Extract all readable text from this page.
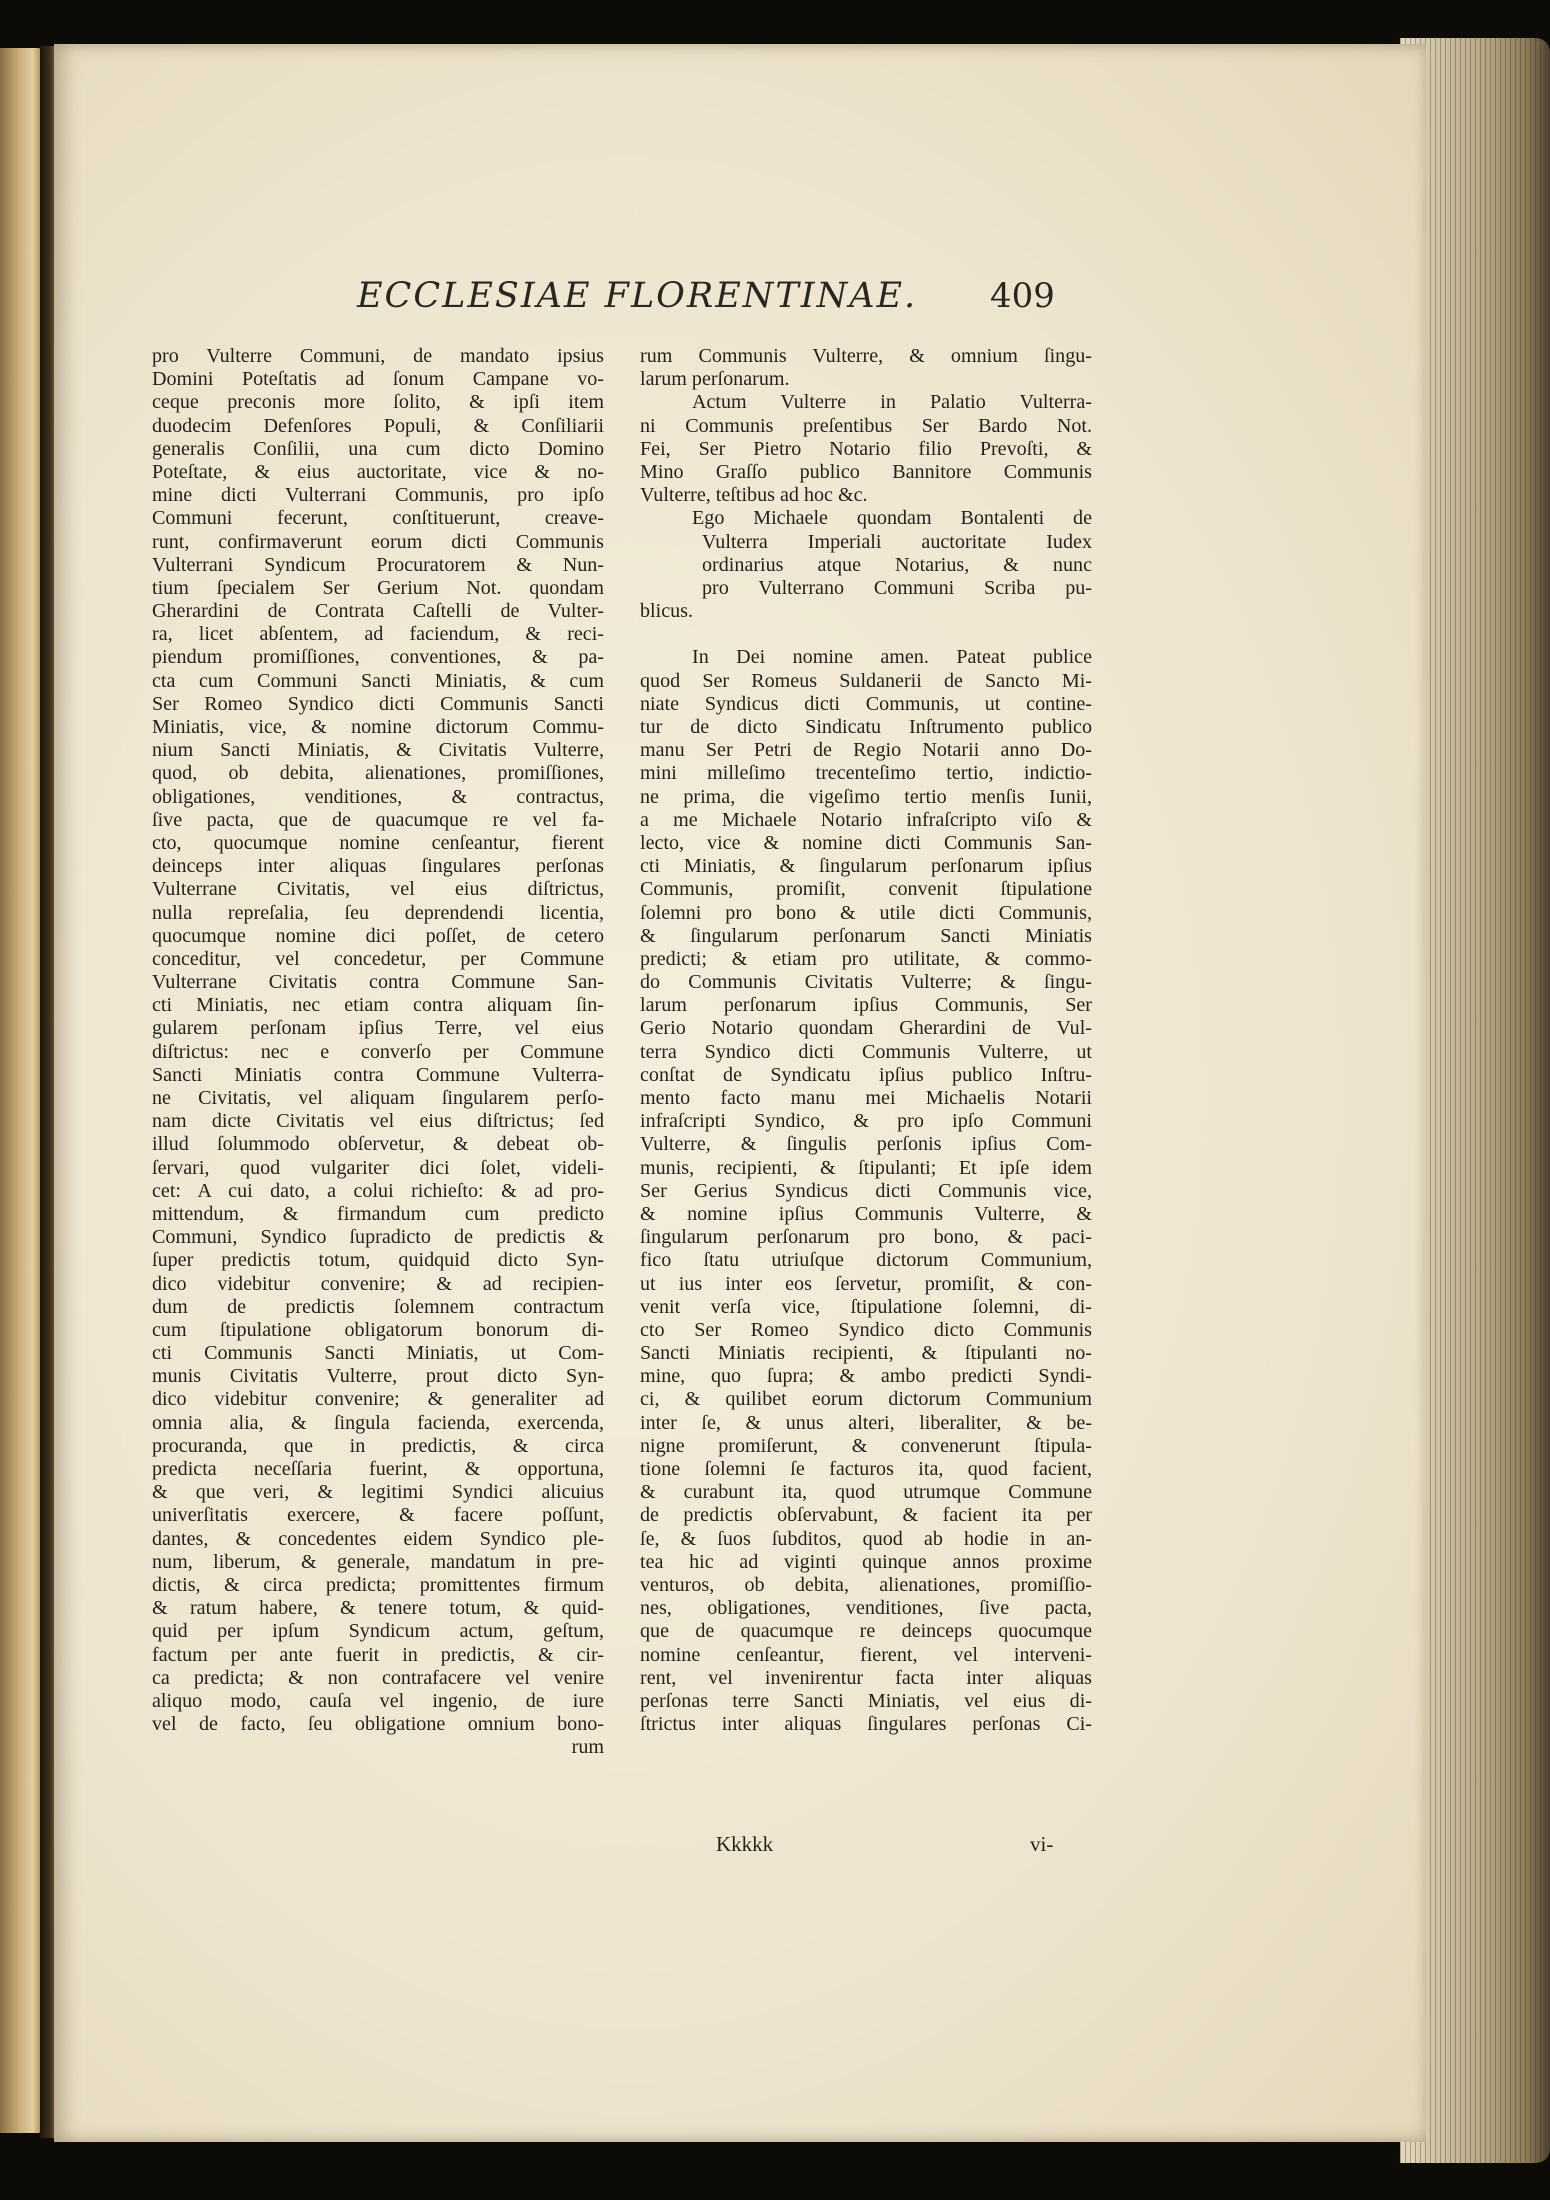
ECCLESIAE FLORENTINAE.	409
pro Vulterre Communi, de mandato ipsius
Domini Poteſtatis ad ſonum Campane vo-
ceque preconis more ſolito, & ipſi item
duodecim Defenſores Populi, & Conſiliarii
generalis Conſilii, una cum dicto Domino
Poteſtate, & eius auctoritate, vice & no-
mine dicti Vulterrani Communis, pro ipſo
Communi fecerunt, conſtituerunt, creave-
runt, confirmaverunt eorum dicti Communis
Vulterrani Syndicum Procuratorem & Nun-
tium ſpecialem Ser Gerium Not. quondam
Gherardini de Contrata Caſtelli de Vulter-
ra, licet abſentem, ad faciendum, & reci-
piendum promiſſiones, conventiones, & pa-
cta cum Communi Sancti Miniatis, & cum
Ser Romeo Syndico dicti Communis Sancti
Miniatis, vice, & nomine dictorum Commu-
nium Sancti Miniatis, & Civitatis Vulterre,
quod, ob debita, alienationes, promiſſiones,
obligationes, venditiones, & contractus,
ſive pacta, que de quacumque re vel fa-
cto, quocumque nomine cenſeantur, fierent
deinceps inter aliquas ſingulares perſonas
Vulterrane Civitatis, vel eius diſtrictus,
nulla repreſalia, ſeu deprendendi licentia,
quocumque nomine dici poſſet, de cetero
conceditur, vel concedetur, per Commune
Vulterrane Civitatis contra Commune San-
cti Miniatis, nec etiam contra aliquam ſin-
gularem perſonam ipſius Terre, vel eius
diſtrictus: nec e converſo per Commune
Sancti Miniatis contra Commune Vulterra-
ne Civitatis, vel aliquam ſingularem perſo-
nam dicte Civitatis vel eius diſtrictus; ſed
illud ſolummodo obſervetur, & debeat ob-
ſervari, quod vulgariter dici ſolet, videli-
cet: A cui dato, a colui richieſto: & ad pro-
mittendum, & firmandum cum predicto
Communi, Syndico ſupradicto de predictis &
ſuper predictis totum, quidquid dicto Syn-
dico videbitur convenire; & ad recipien-
dum de predictis ſolemnem contractum
cum ſtipulatione obligatorum bonorum di-
cti Communis Sancti Miniatis, ut Com-
munis Civitatis Vulterre, prout dicto Syn-
dico videbitur convenire; & generaliter ad
omnia alia, & ſingula facienda, exercenda,
procuranda, que in predictis, & circa
predicta neceſſaria fuerint, & opportuna,
& que veri, & legitimi Syndici alicuius
univerſitatis exercere, & facere poſſunt,
dantes, & concedentes eidem Syndico ple-
num, liberum, & generale, mandatum in pre-
dictis, & circa predicta; promittentes firmum
& ratum habere, & tenere totum, & quid-
quid per ipſum Syndicum actum, geſtum,
factum per ante fuerit in predictis, & cir-
ca predicta; & non contrafacere vel venire
aliquo modo, cauſa vel ingenio, de iure
vel de facto, ſeu obligatione omnium bono-
rum
rum Communis Vulterre, & omnium ſingu-
larum perſonarum.
Actum Vulterre in Palatio Vulterra-
ni Communis preſentibus Ser Bardo Not.
Fei, Ser Pietro Notario filio Prevoſti, &
Mino Graſſo publico Bannitore Communis
Vulterre, teſtibus ad hoc &c.
Ego Michaele quondam Bontalenti de
Vulterra Imperiali auctoritate Iudex
ordinarius atque Notarius, & nunc
pro Vulterrano Communi Scriba pu-
blicus.
In Dei nomine amen. Pateat publice
quod Ser Romeus Suldanerii de Sancto Mi-
niate Syndicus dicti Communis, ut contine-
tur de dicto Sindicatu Inſtrumento publico
manu Ser Petri de Regio Notarii anno Do-
mini milleſimo trecenteſimo tertio, indictio-
ne prima, die vigeſimo tertio menſis Iunii,
a me Michaele Notario infraſcripto viſo &
lecto, vice & nomine dicti Communis San-
cti Miniatis, & ſingularum perſonarum ipſius
Communis, promiſit, convenit ſtipulatione
ſolemni pro bono & utile dicti Communis,
& ſingularum perſonarum Sancti Miniatis
predicti; & etiam pro utilitate, & commo-
do Communis Civitatis Vulterre; & ſingu-
larum perſonarum ipſius Communis, Ser
Gerio Notario quondam Gherardini de Vul-
terra Syndico dicti Communis Vulterre, ut
conſtat de Syndicatu ipſius publico Inſtru-
mento facto manu mei Michaelis Notarii
infraſcripti Syndico, & pro ipſo Communi
Vulterre, & ſingulis perſonis ipſius Com-
munis, recipienti, & ſtipulanti; Et ipſe idem
Ser Gerius Syndicus dicti Communis vice,
& nomine ipſius Communis Vulterre, &
ſingularum perſonarum pro bono, & paci-
fico ſtatu utriuſque dictorum Communium,
ut ius inter eos ſervetur, promiſit, & con-
venit verſa vice, ſtipulatione ſolemni, di-
cto Ser Romeo Syndico dicto Communis
Sancti Miniatis recipienti, & ſtipulanti no-
mine, quo ſupra; & ambo predicti Syndi-
ci, & quilibet eorum dictorum Communium
inter ſe, & unus alteri, liberaliter, & be-
nigne promiſerunt, & convenerunt ſtipula-
tione ſolemni ſe facturos ita, quod facient,
& curabunt ita, quod utrumque Commune
de predictis obſervabunt, & facient ita per
ſe, & ſuos ſubditos, quod ab hodie in an-
tea hic ad viginti quinque annos proxime
venturos, ob debita, alienationes, promiſſio-
nes, obligationes, venditiones, ſive pacta,
que de quacumque re deinceps quocumque
nomine cenſeantur, fierent, vel interveni-
rent, vel invenirentur facta inter aliquas
perſonas terre Sancti Miniatis, vel eius di-
ſtrictus inter aliquas ſingulares perſonas Ci-
Kkkkk	vi-
